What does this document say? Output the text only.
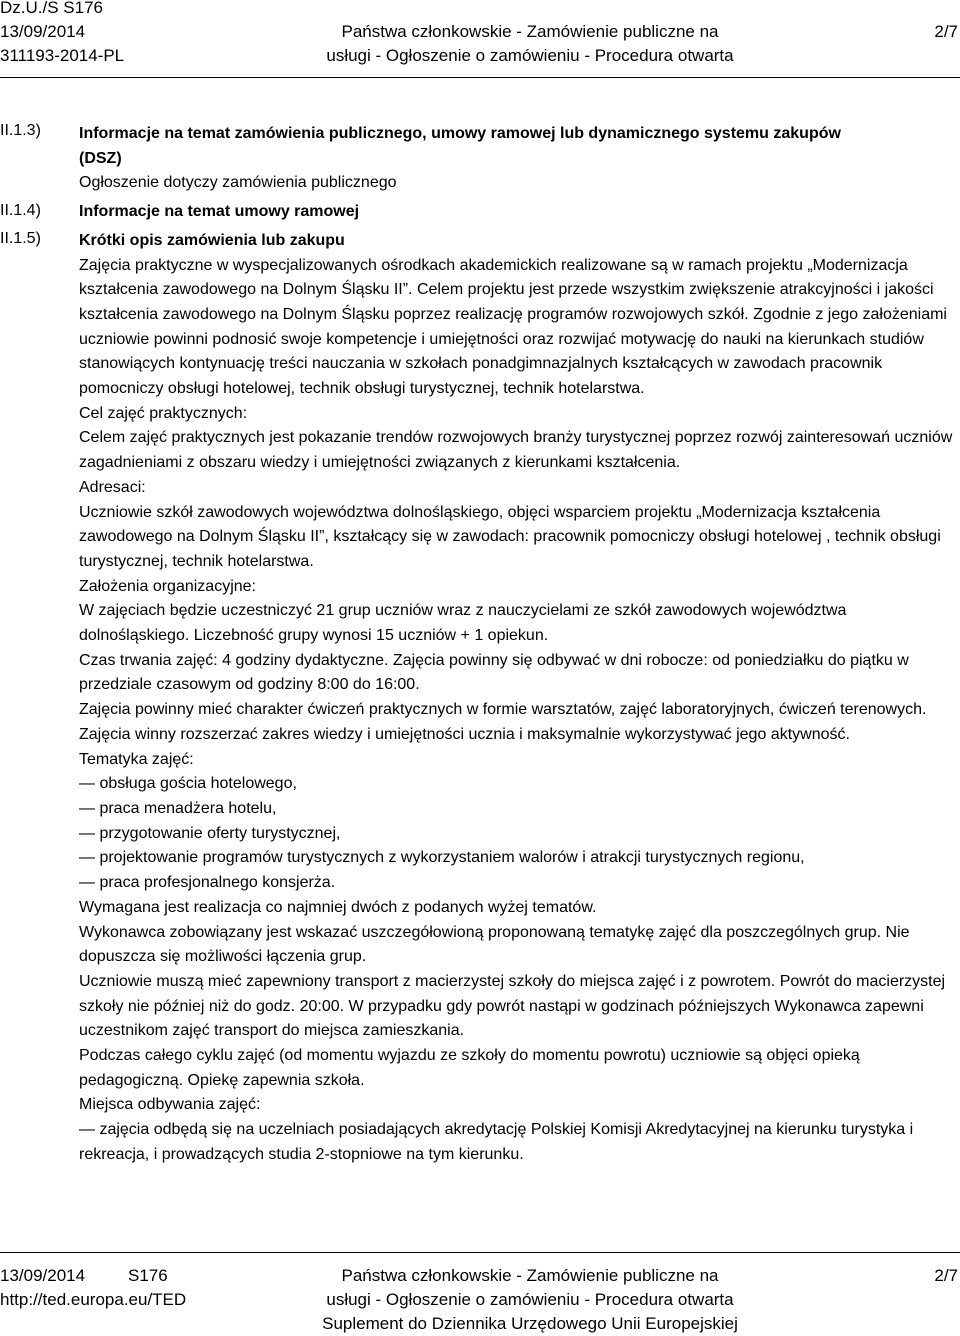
Dz.U./S S176
13/09/2014
311193-2014-PL
Państwa członkowskie - Zamówienie publiczne na
usługi - Ogłoszenie o zamówieniu - Procedura otwarta
2/7
II.1.3)
II.1.4)
II.1.5)

Informacje na temat zamówienia publicznego, umowy ramowej lub dynamicznego systemu zakupów
(DSZ)

Ogłoszenie dotyczy zamówienia publicznego

Informacje na temat umowy ramowej

Krótki opis zamówienia lub zakupu

Zajęcia praktyczne w wyspecjalizowanych ośrodkach akademickich realizowane są w ramach projektu „Modernizacja kształcenia zawodowego na Dolnym Śląsku II”. Celem projektu jest przede wszystkim zwiększenie atrakcyjności i jakości kształcenia zawodowego na Dolnym Śląsku poprzez realizację programów rozwojowych szkół. Zgodnie z jego założeniami uczniowie powinni podnosić swoje kompetencje i umiejętności oraz rozwijać motywację do nauki na kierunkach studiów stanowiących kontynuację treści nauczania w szkołach ponadgimnazjalnych kształcących w zawodach pracownik pomocniczy obsługi hotelowej, technik obsługi turystycznej, technik hotelarstwa.

Cel zajęć praktycznych:

Celem zajęć praktycznych jest pokazanie trendów rozwojowych branży turystycznej poprzez rozwój zainteresowań uczniów zagadnieniami z obszaru wiedzy i umiejętności związanych z kierunkami kształcenia.

Adresaci:

Uczniowie szkół zawodowych województwa dolnośląskiego, objęci wsparciem projektu „Modernizacja kształcenia zawodowego na Dolnym Śląsku II”, kształcący się w zawodach: pracownik pomocniczy obsługi hotelowej , technik obsługi turystycznej, technik hotelarstwa.

Założenia organizacyjne:

W zajęciach będzie uczestniczyć 21 grup uczniów wraz z nauczycielami ze szkół zawodowych województwa dolnośląskiego. Liczebność grupy wynosi 15 uczniów + 1 opiekun.

Czas trwania zajęć: 4 godziny dydaktyczne. Zajęcia powinny się odbywać w dni robocze: od poniedziałku do piątku w przedziale czasowym od godziny 8:00 do 16:00.

Zajęcia powinny mieć charakter ćwiczeń praktycznych w formie warsztatów, zajęć laboratoryjnych, ćwiczeń terenowych. Zajęcia winny rozszerzać zakres wiedzy i umiejętności ucznia i maksymalnie wykorzystywać jego aktywność.

Tematyka zajęć:

— obsługa gościa hotelowego,

— praca menadżera hotelu,

— przygotowanie oferty turystycznej,

— projektowanie programów turystycznych z wykorzystaniem walorów i atrakcji turystycznych regionu,

— praca profesjonalnego konsjerża.

Wymagana jest realizacja co najmniej dwóch z podanych wyżej tematów.

Wykonawca zobowiązany jest wskazać uszczegółowioną proponowaną tematykę zajęć dla poszczególnych grup. Nie dopuszcza się możliwości łączenia grup.

Uczniowie muszą mieć zapewniony transport z macierzystej szkoły do miejsca zajęć i z powrotem. Powrót do macierzystej szkoły nie później niż do godz. 20:00. W przypadku gdy powrót nastąpi w godzinach późniejszych Wykonawca zapewni uczestnikom zajęć transport do miejsca zamieszkania.

Podczas całego cyklu zajęć (od momentu wyjazdu ze szkoły do momentu powrotu) uczniowie są objęci opieką pedagogiczną. Opiekę zapewnia szkoła.

Miejsca odbywania zajęć:

— zajęcia odbędą się na uczelniach posiadających akredytację Polskiej Komisji Akredytacyjnej na kierunku turystyka i rekreacja, i prowadzących studia 2-stopniowe na tym kierunku.

13/09/2014	S176
http://ted.europa.eu/TED
Państwa członkowskie - Zamówienie publiczne na
usługi - Ogłoszenie o zamówieniu - Procedura otwarta
Suplement do Dziennika Urzędowego Unii Europejskiej
2/7
